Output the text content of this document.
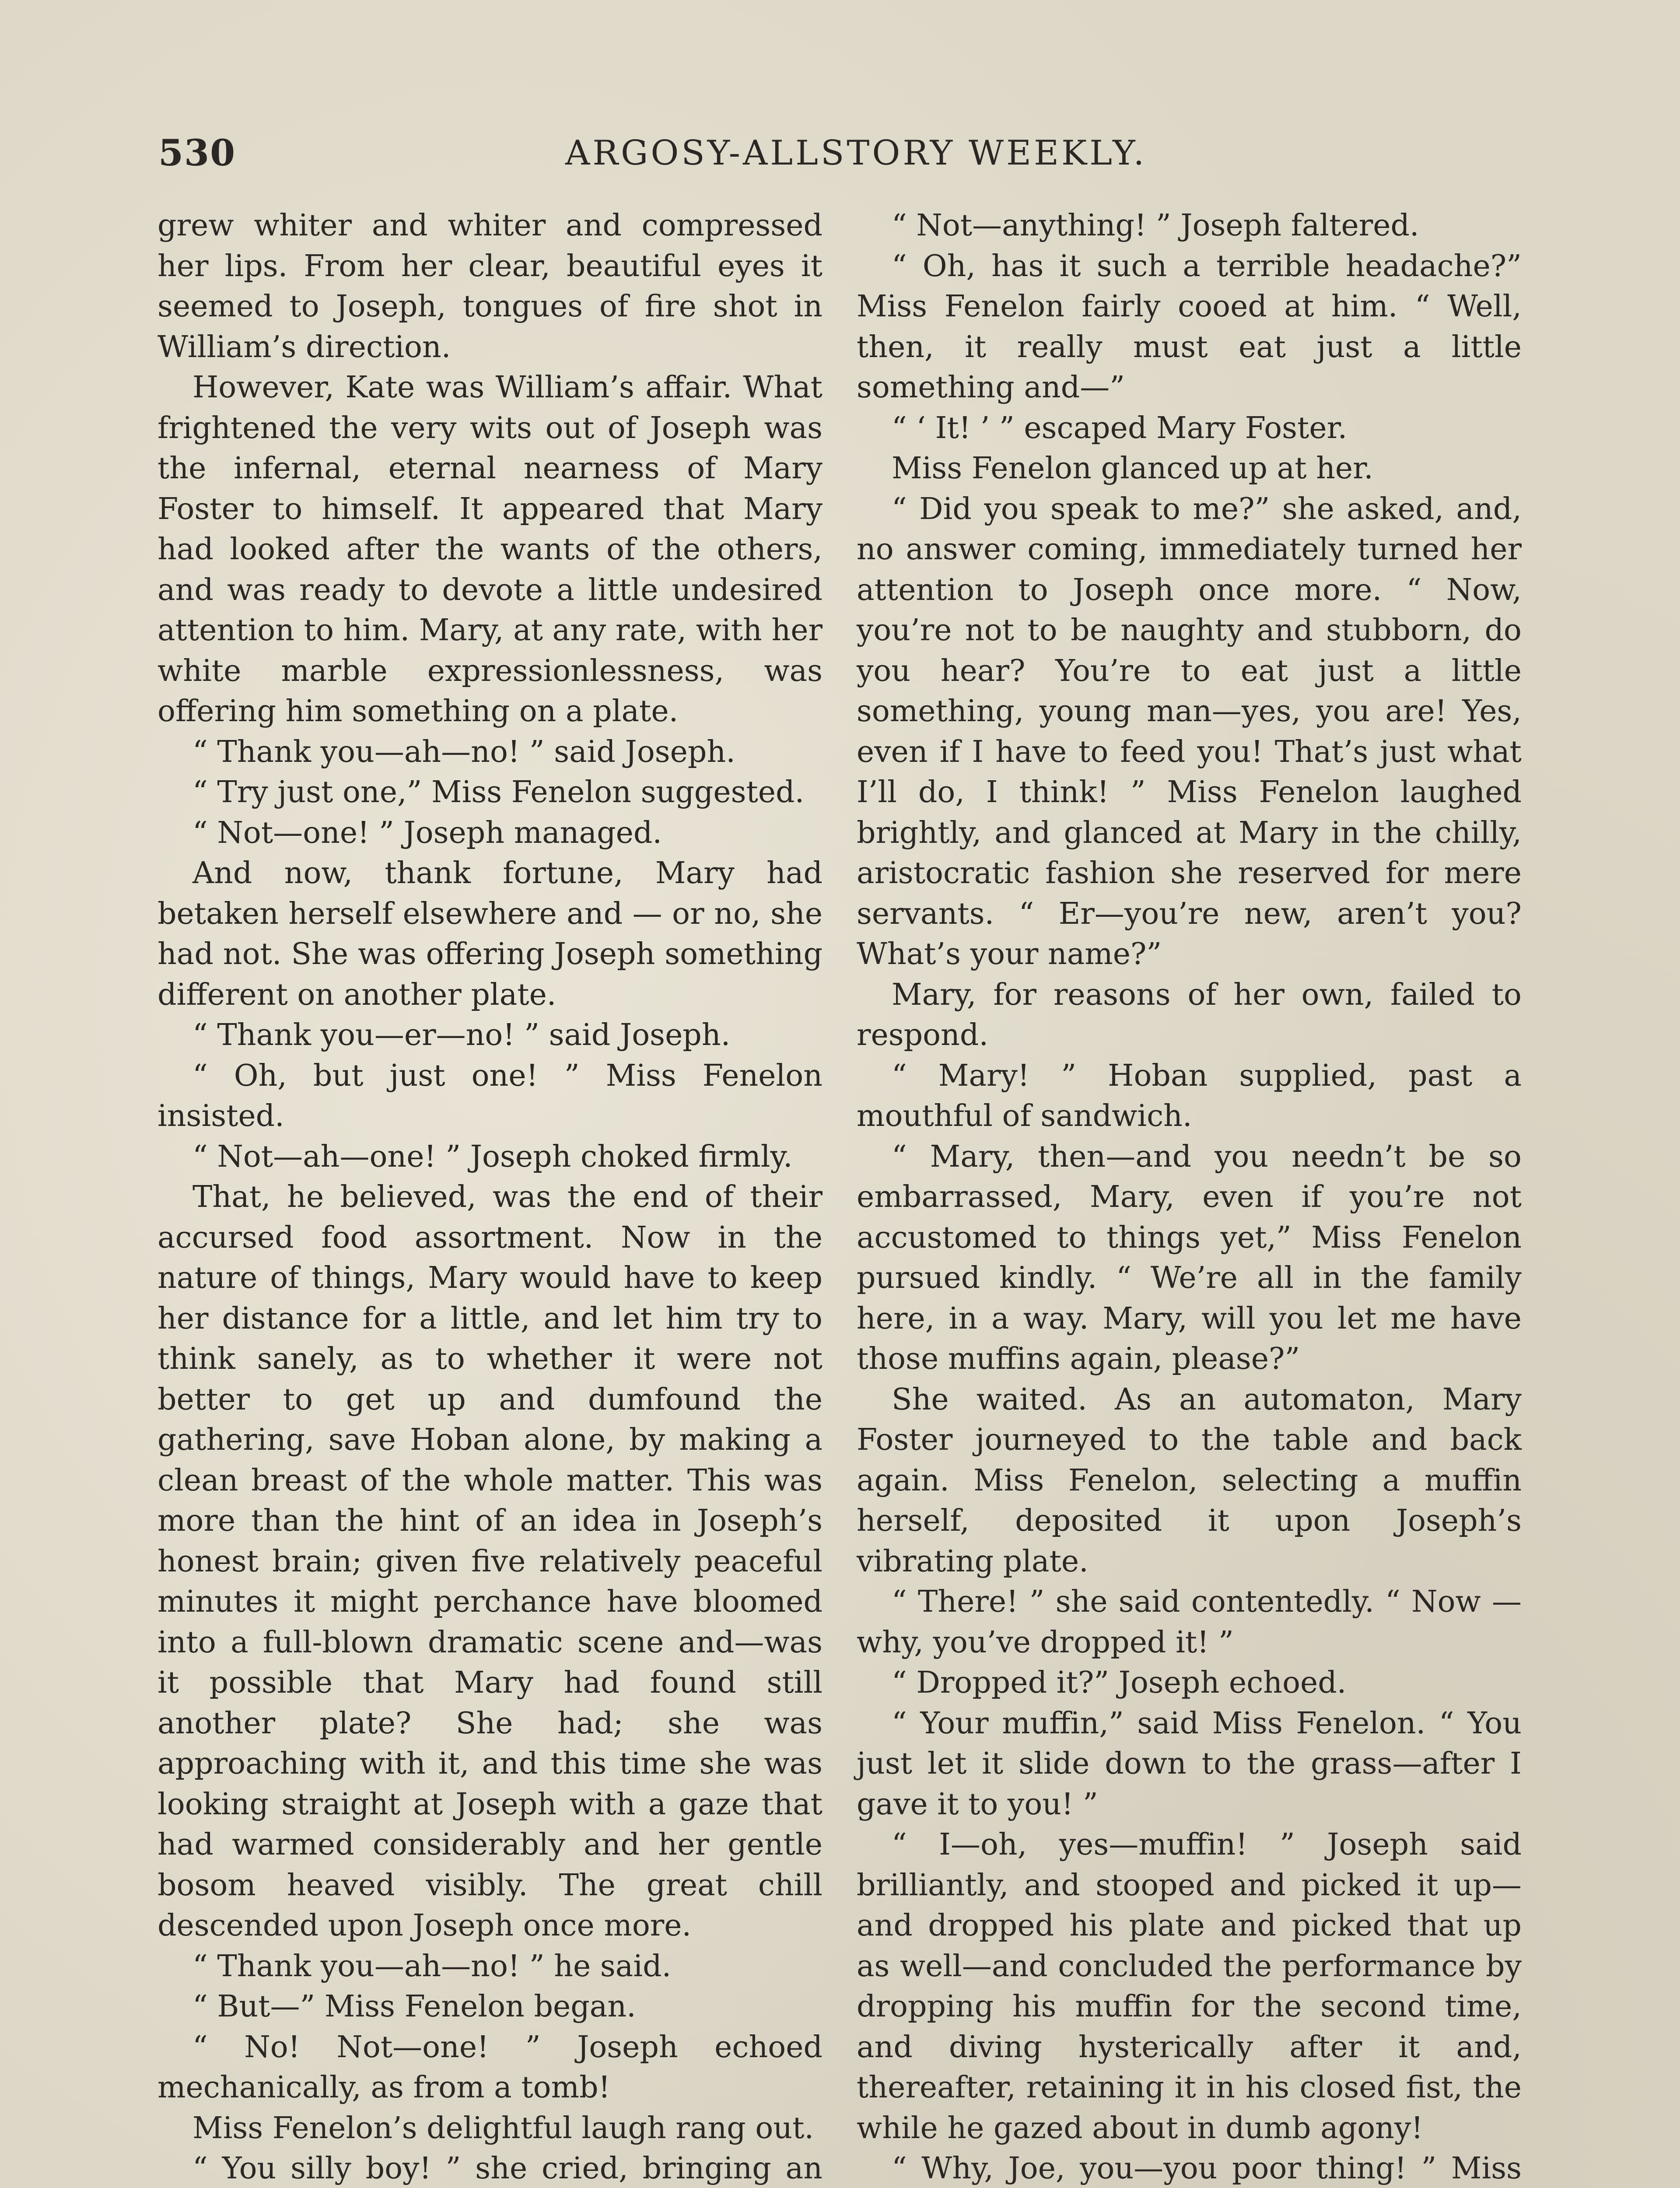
530	ARGOSY-ALLSTORY WEEKLY.

grew whiter and whiter and compressed her lips. From her clear, beautiful eyes it seemed to Joseph, tongues of fire shot in William’s direction.

However, Kate was William’s affair. What frightened the very wits out of Joseph was the infernal, eternal nearness of Mary Foster to himself. It appeared that Mary had looked after the wants of the others, and was ready to devote a little undesired attention to him. Mary, at any rate, with her white marble expressionlessness, was offering him something on a plate.

“ Thank you—ah—no! ” said Joseph.

“ Try just one,” Miss Fenelon suggested.

“ Not—one! ” Joseph managed.

And now, thank fortune, Mary had betaken herself elsewhere and — or no, she had not. She was offering Joseph something different on another plate.

“ Thank you—er—no! ” said Joseph.

“ Oh, but just one! ” Miss Fenelon insisted.

“ Not—ah—one! ” Joseph choked firmly.

That, he believed, was the end of their accursed food assortment. Now in the nature of things, Mary would have to keep her distance for a little, and let him try to think sanely, as to whether it were not better to get up and dumfound the gathering, save Hoban alone, by making a clean breast of the whole matter. This was more than the hint of an idea in Joseph’s honest brain; given five relatively peaceful minutes it might perchance have bloomed into a full-blown dramatic scene and—was it possible that Mary had found still another plate? She had; she was approaching with it, and this time she was looking straight at Joseph with a gaze that had warmed considerably and her gentle bosom heaved visibly. The great chill descended upon Joseph once more.

“ Thank you—ah—no! ” he said.

“ But—” Miss Fenelon began.

“ No! Not—one! ” Joseph echoed mechanically, as from a tomb!

Miss Fenelon’s delightful laugh rang out.

“ You silly boy! ” she cried, bringing an

“ Not—anything! ” Joseph faltered.

“ Oh, has it such a terrible headache?” Miss Fenelon fairly cooed at him. “ Well, then, it really must eat just a little something and—”

“ ‘ It! ’ ” escaped Mary Foster.

Miss Fenelon glanced up at her.

“ Did you speak to me?” she asked, and, no answer coming, immediately turned her attention to Joseph once more. “ Now, you’re not to be naughty and stubborn, do you hear? You’re to eat just a little something, young man—yes, you are! Yes, even if I have to feed you! That’s just what I’ll do, I think! ” Miss Fenelon laughed brightly, and glanced at Mary in the chilly, aristocratic fashion she reserved for mere servants. “ Er—you’re new, aren’t you? What’s your name?”

Mary, for reasons of her own, failed to respond.

“ Mary! ” Hoban supplied, past a mouthful of sandwich.

“ Mary, then—and you needn’t be so embarrassed, Mary, even if you’re not accustomed to things yet,” Miss Fenelon pursued kindly. “ We’re all in the family here, in a way. Mary, will you let me have those muffins again, please?”

She waited. As an automaton, Mary Foster journeyed to the table and back again. Miss Fenelon, selecting a muffin herself, deposited it upon Joseph’s vibrating plate.

“ There! ” she said contentedly. “ Now —why, you’ve dropped it! ”

“ Dropped it?” Joseph echoed.

“ Your muffin,” said Miss Fenelon. “ You just let it slide down to the grass—after I gave it to you! ”

“ I—oh, yes—muffin! ” Joseph said brilliantly, and stooped and picked it up—and dropped his plate and picked that up as well—and concluded the performance by dropping his muffin for the second time, and diving hysterically after it and, thereafter, retaining it in his closed fist, the while he gazed about in dumb agony!

“ Why, Joe, you—you poor thing! ” Miss
